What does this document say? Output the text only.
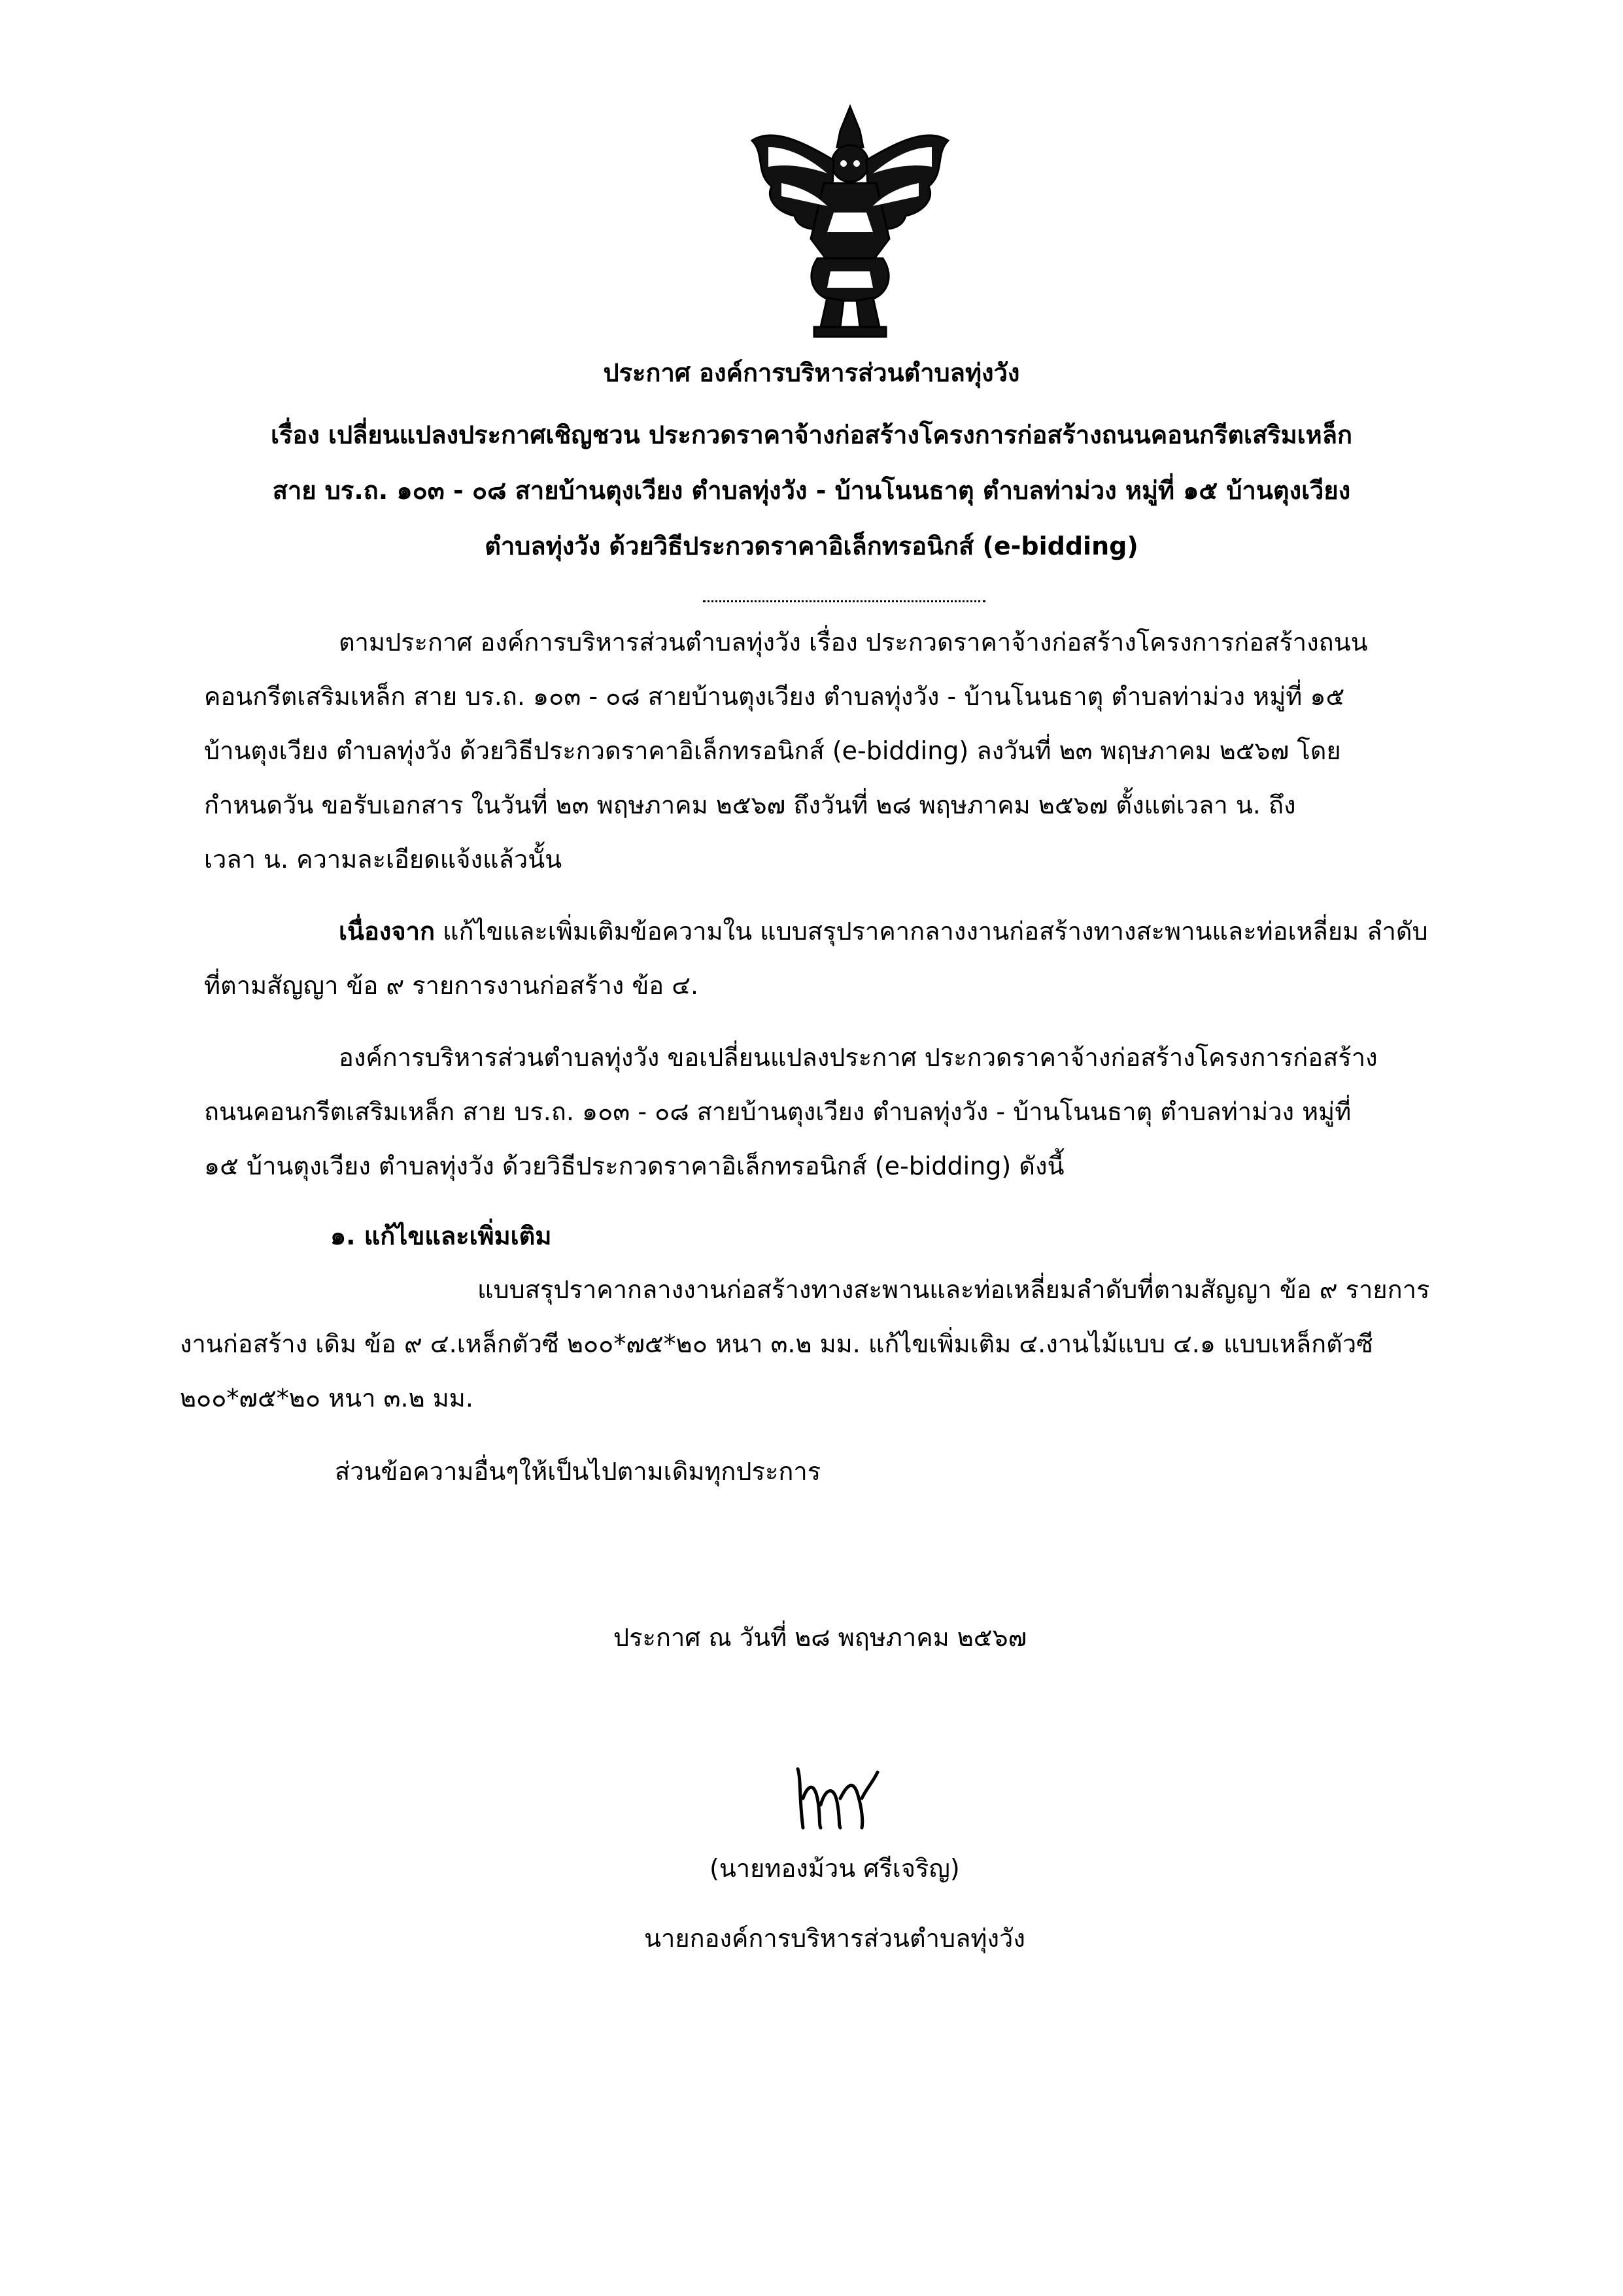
ประกาศ องค์การบริหารส่วนตำบลทุ่งวัง
เรื่อง เปลี่ยนแปลงประกาศเชิญชวน ประกวดราคาจ้างก่อสร้างโครงการก่อสร้างถนนคอนกรีตเสริมเหล็ก
สาย บร.ถ. ๑๐๓ - ๐๘ สายบ้านตุงเวียง ตำบลทุ่งวัง - บ้านโนนธาตุ ตำบลท่าม่วง หมู่ที่ ๑๕ บ้านตุงเวียง
ตำบลทุ่งวัง ด้วยวิธีประกวดราคาอิเล็กทรอนิกส์ (e-bidding)
ตามประกาศ องค์การบริหารส่วนตำบลทุ่งวัง เรื่อง ประกวดราคาจ้างก่อสร้างโครงการก่อสร้างถนน
คอนกรีตเสริมเหล็ก สาย บร.ถ. ๑๐๓ - ๐๘ สายบ้านตุงเวียง ตำบลทุ่งวัง - บ้านโนนธาตุ ตำบลท่าม่วง หมู่ที่ ๑๕
บ้านตุงเวียง ตำบลทุ่งวัง ด้วยวิธีประกวดราคาอิเล็กทรอนิกส์ (e-bidding) ลงวันที่ ๒๓ พฤษภาคม ๒๕๖๗ โดย
กำหนดวัน ขอรับเอกสาร ในวันที่ ๒๓ พฤษภาคม ๒๕๖๗ ถึงวันที่ ๒๘ พฤษภาคม ๒๕๖๗ ตั้งแต่เวลา น. ถึง
เวลา น. ความละเอียดแจ้งแล้วนั้น
เนื่องจาก แก้ไขและเพิ่มเติมข้อความใน แบบสรุปราคากลางงานก่อสร้างทางสะพานและท่อเหลี่ยม ลำดับ
ที่ตามสัญญา ข้อ ๙ รายการงานก่อสร้าง ข้อ ๔.
องค์การบริหารส่วนตำบลทุ่งวัง ขอเปลี่ยนแปลงประกาศ ประกวดราคาจ้างก่อสร้างโครงการก่อสร้าง
ถนนคอนกรีตเสริมเหล็ก สาย บร.ถ. ๑๐๓ - ๐๘ สายบ้านตุงเวียง ตำบลทุ่งวัง - บ้านโนนธาตุ ตำบลท่าม่วง หมู่ที่
๑๕ บ้านตุงเวียง ตำบลทุ่งวัง ด้วยวิธีประกวดราคาอิเล็กทรอนิกส์ (e-bidding) ดังนี้
๑. แก้ไขและเพิ่มเติม
แบบสรุปราคากลางงานก่อสร้างทางสะพานและท่อเหลี่ยมลำดับที่ตามสัญญา ข้อ ๙ รายการ
งานก่อสร้าง เดิม ข้อ ๙ ๔.เหล็กตัวซี ๒๐๐*๗๕*๒๐ หนา ๓.๒ มม. แก้ไขเพิ่มเติม ๔.งานไม้แบบ ๔.๑ แบบเหล็กตัวซี
๒๐๐*๗๕*๒๐ หนา ๓.๒ มม.
ส่วนข้อความอื่นๆให้เป็นไปตามเดิมทุกประการ
ประกาศ ณ วันที่ ๒๘ พฤษภาคม ๒๕๖๗
(นายทองม้วน ศรีเจริญ)
นายกองค์การบริหารส่วนตำบลทุ่งวัง
